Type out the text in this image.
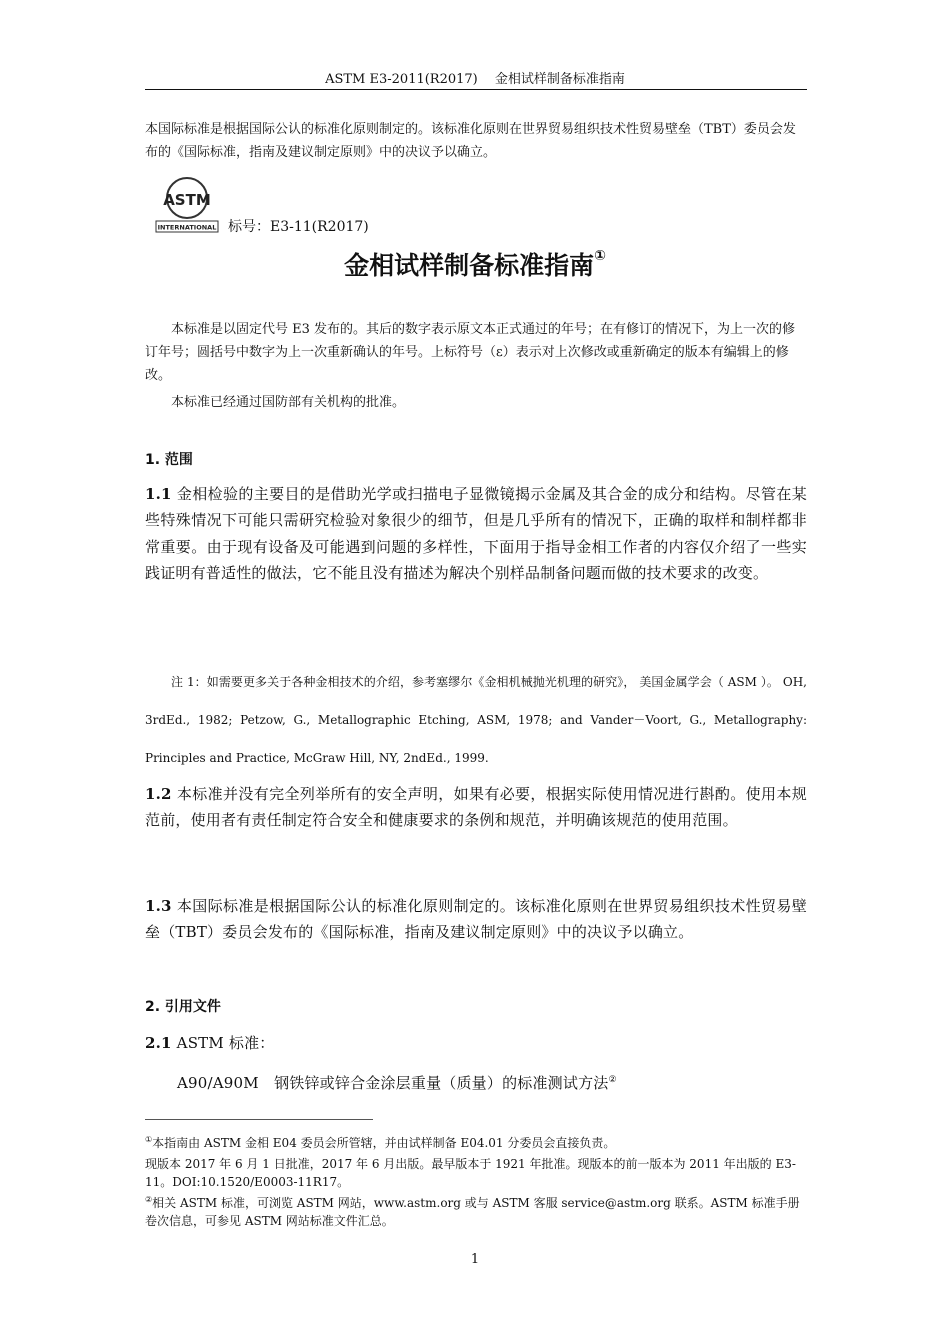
ASTM E3-2011(R2017)　 金相试样制备标准指南
本国际标准是根据国际公认的标准化原则制定的。该标准化原则在世界贸易组织技术性贸易壁垒（TBT）委员会发布的《国际标准，指南及建议制定原则》中的决议予以确立。
ASTM
INTERNATIONAL 标号：E3-11(R2017)
金相试样制备标准指南①
本标准是以固定代号 E3 发布的。其后的数字表示原文本正式通过的年号；在有修订的情况下，为上一次的修订年号；圆括号中数字为上一次重新确认的年号。上标符号（ε）表示对上次修改或重新确定的版本有编辑上的修改。
本标准已经通过国防部有关机构的批准。
1. 范围
1.1 金相检验的主要目的是借助光学或扫描电子显微镜揭示金属及其合金的成分和结构。尽管在某些特殊情况下可能只需研究检验对象很少的细节，但是几乎所有的情况下，正确的取样和制样都非常重要。由于现有设备及可能遇到问题的多样性，下面用于指导金相工作者的内容仅介绍了一些实践证明有普适性的做法，它不能且没有描述为解决个别样品制备问题而做的技术要求的改变。
注 1：如需要更多关于各种金相技术的介绍，参考塞缪尔《金相机械抛光机理的研究》， 美国金属学会（ ASM ）。 OH, 3rdEd., 1982; Petzow, G., Metallographic Etching, ASM, 1978; and Vander－Voort, G., Metallography: Principles and Practice, McGraw Hill, NY, 2ndEd., 1999.
1.2 本标准并没有完全列举所有的安全声明，如果有必要，根据实际使用情况进行斟酌。使用本规范前，使用者有责任制定符合安全和健康要求的条例和规范，并明确该规范的使用范围。
1.3 本国际标准是根据国际公认的标准化原则制定的。该标准化原则在世界贸易组织技术性贸易壁垒（TBT）委员会发布的《国际标准，指南及建议制定原则》中的决议予以确立。
2. 引用文件
2.1 ASTM 标准：
A90/A90M　 钢铁锌或锌合金涂层重量（质量）的标准测试方法②
①本指南由 ASTM 金相 E04 委员会所管辖，并由试样制备 E04.01 分委员会直接负责。
现版本 2017 年 6 月 1 日批准，2017 年 6 月出版。最早版本于 1921 年批准。现版本的前一版本为 2011 年出版的 E3-11。DOI:10.1520/E0003-11R17。
②相关 ASTM 标准，可浏览 ASTM 网站，www.astm.org 或与 ASTM 客服 service@astm.org 联系。ASTM 标准手册卷次信息，可参见 ASTM 网站标准文件汇总。
1
